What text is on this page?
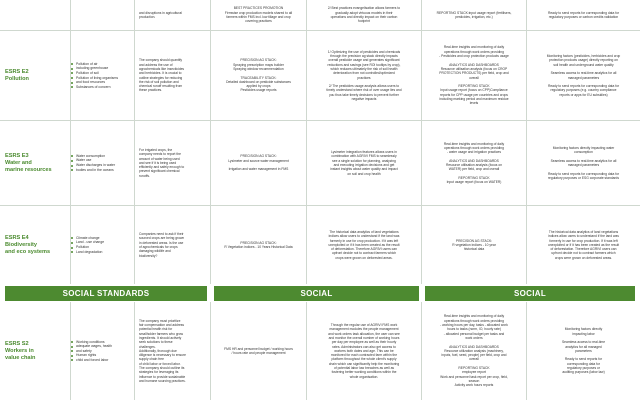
and disruptions in agricultural
production.
BEST PRACTICES PROMOTION
Firmwise crop production models shared to all
farmers within FMS incl. low tillage and crop
covering practices
2/ Best practices evangelisation allows farmers to
gradually adopt virtuous models in their
operations and directly impact on their carbon
footprint
REPORTING STACK:input usage report (fertilisers,
pesticides, irrigation, etc.)
Ready to send reports for corresponding data for
regulatory purposes or carbon credits validation
ESRS E2
Pollution
Pollution of air
including greenhouse
Pollution of soil
Pollution of living organisms
and food resources
Substances of concern
The company should quantify
and address the use of
agrochemicals like insecticides
and herbicides. It is crucial to
outline strategies for reducing
the risk of soil pollution and
chemical runoff resulting from
these practices.
PRECISION AG STACK:
Spraying prescription maps builder
Spraying window recommendation

TRACEABILITY STACK:
Detailed dashboard on pesticide substances
applied by crops
Pesticides usage reports
1/ Optimizing the use of pesticides and chemicals
through the precision ag stack directly impacts
overall pesticide usage and generates significant
reductions and savings (see ROI tooltips by crop),
which reduces ultimately the risk of soil health
deterioration from not controlled/optimized
practices

2/ The pesticides usage analysis allows users to
timely understand where risk of over usage lies and
you thus take timely decisions to prevent further
negative impacts
Real-time insights and monitoring of daily
operations through work orders providing
- Pesticides and crop protection products usage

ANALYTICS AND DASHBOARDS
Resource utilisation analysis (focus on CROP
PROTECTION PRODUCTS) per field, crop and
overall

REPORTING STACK
Input usage report (focus on CPP)Compliance
reports for CPP usage per countries and crops
including marking period and maximum residue
levels
Monitoring factors (pesticides, herbicides and crop
protection products usage) directly reporting on
soil health and underground water quality

Seamless access to real-time analytics for all
managed parameters

Ready to send reports for corresponding data for
regulatory purposes (e.g. country compliance
reports or apps for EU subsidies)
ESRS E3
Water and
marine resources
Water consumption
Water use
Water discharges in water
bodies and in the oceans
For irrigated crops, the
company needs to report the
amount of water being used
and see if it is being used
efficiently and safely enough to
prevent significant chemical
runoffs.
PRECISION AG STACK:
Lysimeter and source water management

Irrigation and water management in FMS
Lysimeter integration features allows users in
combination with AGRIVI FMS to seamlessly
see a single solution for planning, analyzing
and executing irrigation decisions and get
instant insights about water quality and impact
on soil and crop health
Real-time insights and monitoring of daily
operations through work orders providing
- water usage and irrigation practices

ANALYTICS AND DASHBOARDS
Resource utilisation analysis (focus on
WATER) per field, crop and overall

REPORTING STACK
Input usage report (focus on WATER)
Monitoring factors directly impacting water
consumption

Seamless access to real-time analytics for all
managed parameters

Ready to send reports for corresponding data for
regulatory purposes or ESG corporate standards
ESRS E4
Biodiversity
and eco systems
Climate change
Land - use change
Pollution
Land degradation
Companies need to ask if their
sourced crops are being grown
in deforested areas. Is the use
of agrochemicals for crops
damaging wildlife and
biodiversity?
PRECISION AG STACK:
R Vegetation indices - 10 Years Historical Data
The historical data analytics of land vegetations
indices allow users to understand if the land was
formerly in use for crop production. If it was left
unexploited or if it has been created as the result
of deforestation. Therefore AGRIVI users can
upfront decide not to contract farmers which
crops were grown on deforested areas.
PRECISION AG STACK:
R vegetation indices - 10 year
historical data
The historical data analytics of land vegetations
indices allow users to understand if the land was
formerly in use for crop production. If it was left
unexploited or if it has been created as the result
of deforestation. Therefore AGRIVI users can
upfront decide not to contract farmers which
crops were grown on deforested areas.
SOCIAL STANDARDS	SOCIAL	SOCIAL
ESRS S2
Workers in
value chain
Working conditions
adequate wages, health
and safety
Human rights
child and forced labor
The company must prioritize
fair compensation and address
potential health risk for
smallholder farmers who grow
ingredients. It should actively
seek solutions to these
challenges.
Additionally, thorough due
diligence is necessary to ensure
supply chain free
of child labor or forced labor.
The company should outline its
strategies for leveraging its
influence to provide sustainable
and humane sourcing practices.
FMS HR and personnel budget / working hours
/ hours rate and people management
Through the regular use of AGRIVI FMS work
management modules the people management
and work orders task allocation, the user can see
and monitor the overall number of working hours
per day per employee as well as their hourly
rates. Administrators can also get access to
workers both dates and age. This can be
monitored for each contracted farm within the
platform throughout the whole client's supply
chain which can significantly help the monitoring
of potential labor law breaches as well as
fostering better working conditions within the
whole organisation.
Real-time insights and monitoring of daily
operations through work orders providing
- working hours per day, tasks - allocated work
hours to tasks (norm, IO, hourly rate)
- allocated personal budget per tasks and
work orders

ANALYTICS AND DASHBOARDS
Resource utilization analysis (machinery,
inputs, fuel, seed, people) per field, crop and
overall

REPORTING STACK
employee report
Work and personnel task report per crop, field,
season
Activity work hours reports
Monitoring factors directly
impacting labor

Seamless access to real-time
analytics for all managed
parameters

Ready to send reports for
corresponding data for
regulatory purposes or
auditing purposes (labor law)
